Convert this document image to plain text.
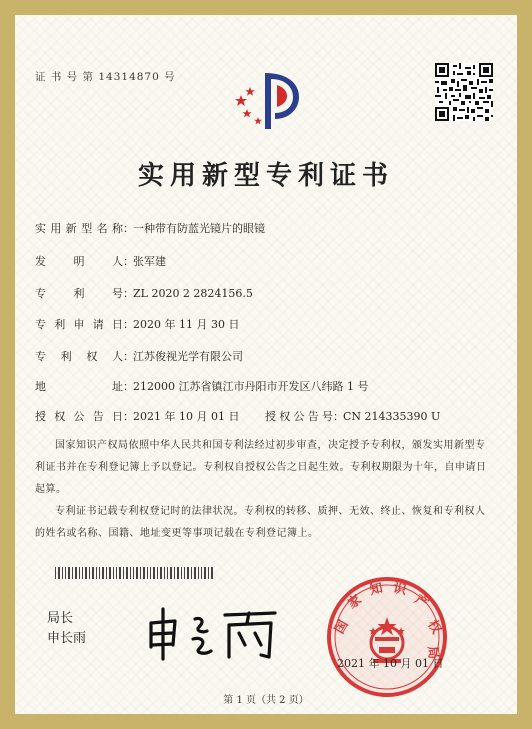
证 书 号 第 14314870 号
实用新型专利证书
实用新型名称：一种带有防蓝光镜片的眼镜
发明人：张军建
专利号：ZL 2020 2 2824156.5
专利申请日：2020 年 11 月 30 日
专利权人：江苏俊视光学有限公司
地址：212000 江苏省镇江市丹阳市开发区八纬路 1 号
授权公告日：2021 年 10 月 01 日 授权公告号：CN 214335390 U
国家知识产权局依照中华人民共和国专利法经过初步审查，决定授予专利权，颁发实用新型专利证书并在专利登记簿上予以登记。专利权自授权公告之日起生效。专利权期限为十年，自申请日起算。
专利证书记载专利权登记时的法律状况。专利权的转移、质押、无效、终止、恢复和专利权人的姓名或名称、国籍、地址变更等事项记载在专利登记簿上。
局长
申长雨
国
家
知 识
产
权
局
2021 年 10 月 01 日
第 1 页（共 2 页）
